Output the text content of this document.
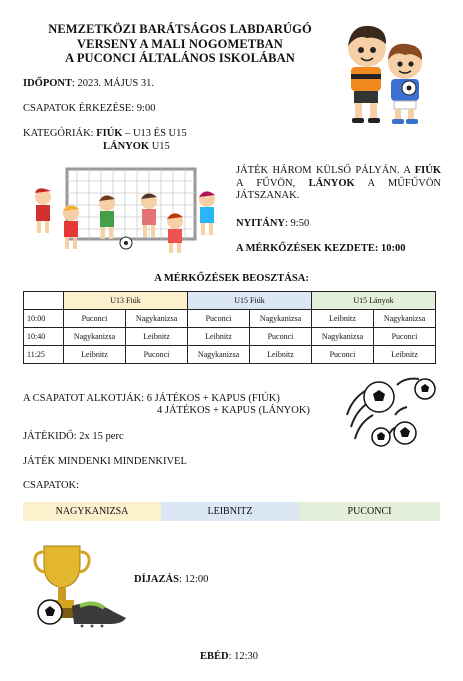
NEMZETKÖZI BARÁTSÁGOS LABDARÚGÓ
VERSENY A MALI NOGOMETBAN
A PUCONCI ÁLTALÁNOS ISKOLÁBAN
IDŐPONT: 2023. MÁJUS 31.
CSAPATOK ÉRKEZÉSE: 9:00
KATEGÓRIÁK: FIÚK – U13 ÉS U15
LÁNYOK U15
JÁTÉK HÁROM KÜLSŐ PÁLYÁN. A FIÚK A FŰVÖN, LÁNYOK A MŰFŰVÖN JÁTSZANAK.
NYITÁNY: 9:50
A MÉRKŐZÉSEK KEZDETE: 10:00
A MÉRKŐZÉSEK BEOSZTÁSA:
	U13 Fiúk		U15 Fiúk		U15 Lányok	
10:00	Puconci	Nagykanizsa	Puconci	Nagykanizsa	Leibnitz	Nagykanizsa
10:40	Nagykanizsa	Leibnitz	Leibnitz	Puconci	Nagykanizsa	Puconci
11:25	Leibnitz	Puconci	Nagykanizsa	Leibnitz	Puconci	Leibnitz
A CSAPATOT ALKOTJÁK: 6 JÁTÉKOS + KAPUS (FIÚK)
4 JÁTÉKOS + KAPUS (LÁNYOK)
JÁTÉKIDŐ: 2x 15 perc
JÁTÉK MINDENKI MINDENKIVEL
CSAPATOK:
NAGYKANIZSA	LEIBNITZ	PUCONCI
DÍJAZÁS: 12:00
EBÉD: 12:30
